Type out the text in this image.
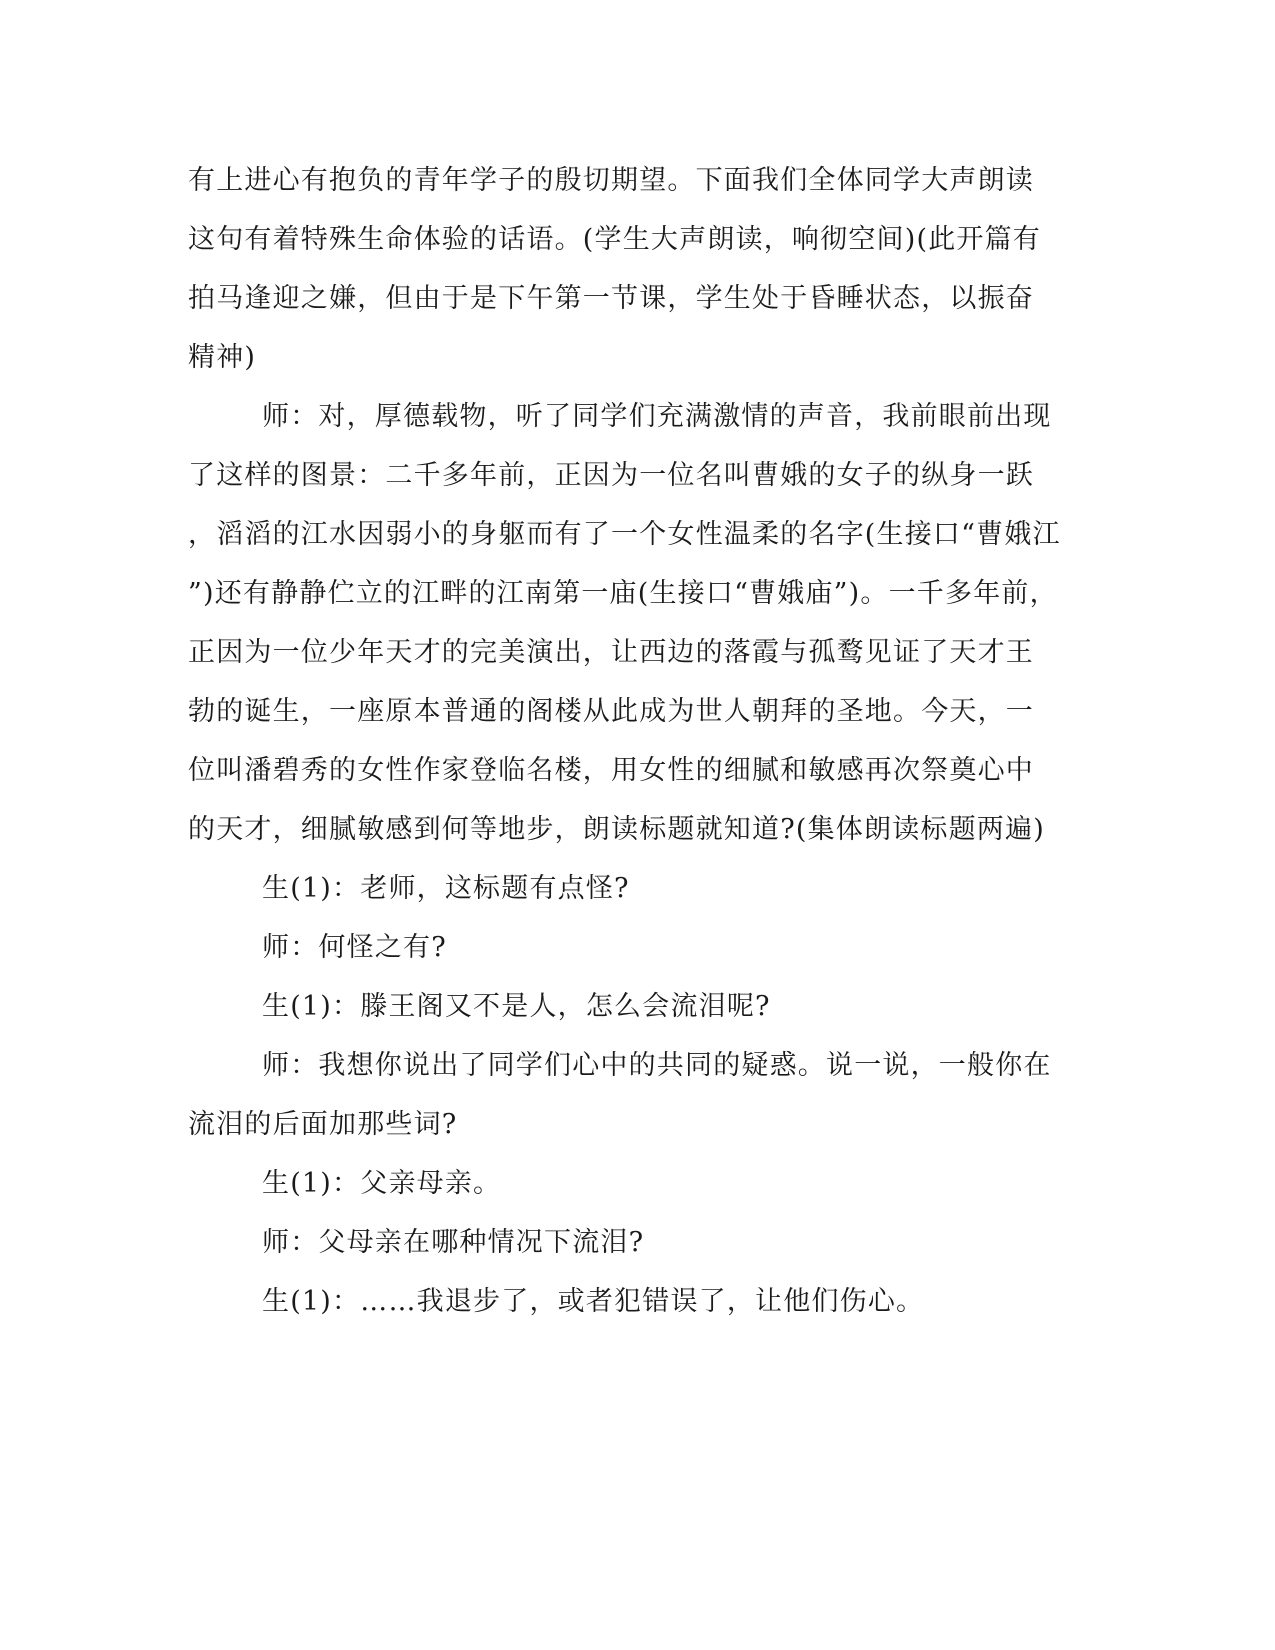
有上进心有抱负的青年学子的殷切期望。下面我们全体同学大声朗读
这句有着特殊生命体验的话语。(学生大声朗读，响彻空间)(此开篇有
拍马逢迎之嫌，但由于是下午第一节课，学生处于昏睡状态，以振奋
精神)
师：对，厚德载物，听了同学们充满激情的声音，我前眼前出现
了这样的图景：二千多年前，正因为一位名叫曹娥的女子的纵身一跃
，滔滔的江水因弱小的身躯而有了一个女性温柔的名字(生接口“曹娥江
”)还有静静伫立的江畔的江南第一庙(生接口“曹娥庙”)。一千多年前，
正因为一位少年天才的完美演出，让西边的落霞与孤鹜见证了天才王
勃的诞生，一座原本普通的阁楼从此成为世人朝拜的圣地。今天，一
位叫潘碧秀的女性作家登临名楼，用女性的细腻和敏感再次祭奠心中
的天才，细腻敏感到何等地步，朗读标题就知道?(集体朗读标题两遍)
生(1)：老师，这标题有点怪?
师：何怪之有?
生(1)：滕王阁又不是人，怎么会流泪呢?
师：我想你说出了同学们心中的共同的疑惑。说一说，一般你在
流泪的后面加那些词?
生(1)：父亲母亲。
师：父母亲在哪种情况下流泪?
生(1)：……我退步了，或者犯错误了，让他们伤心。
